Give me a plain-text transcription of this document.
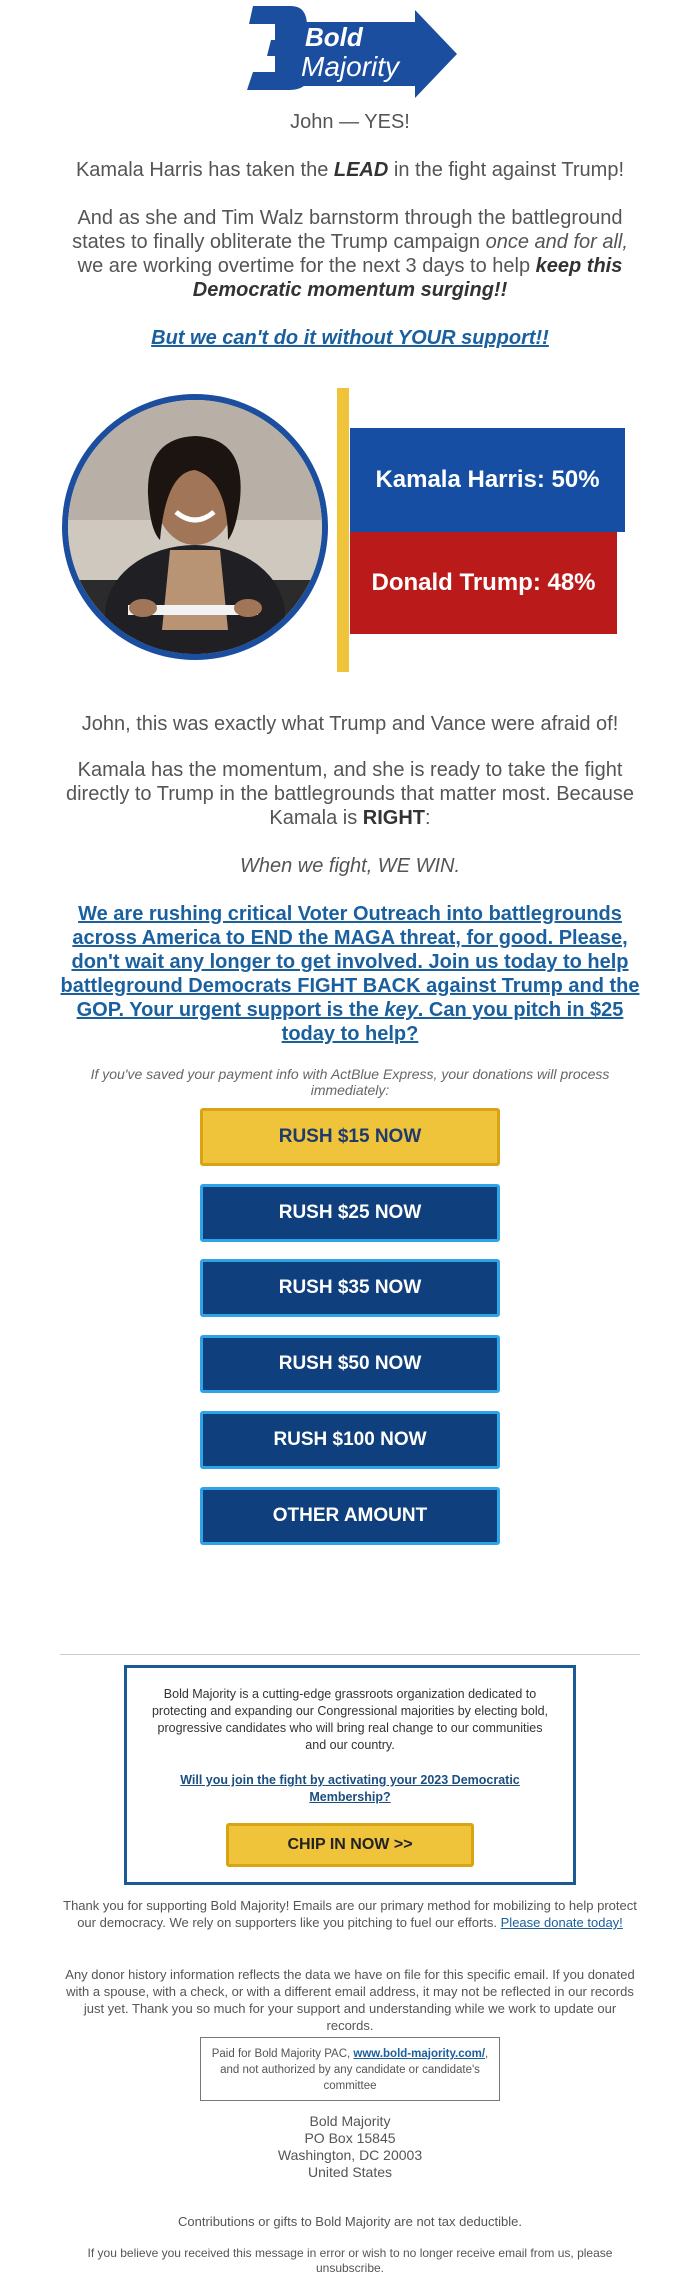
Bold
Majority
John — YES!
Kamala Harris has taken the LEAD in the fight against Trump!
And as she and Tim Walz barnstorm through the battleground states to finally obliterate the Trump campaign once and for all, we are working overtime for the next 3 days to help keep this Democratic momentum surging!!
But we can't do it without YOUR support!!
Kamala Harris: 50%
Donald Trump: 48%
John, this was exactly what Trump and Vance were afraid of!
Kamala has the momentum, and she is ready to take the fight directly to Trump in the battlegrounds that matter most. Because Kamala is RIGHT:
When we fight, WE WIN.
We are rushing critical Voter Outreach into battlegrounds across America to END the MAGA threat, for good. Please, don't wait any longer to get involved. Join us today to help battleground Democrats FIGHT BACK against Trump and the GOP. Your urgent support is the key. Can you pitch in $25 today to help?
If you've saved your payment info with ActBlue Express, your donations will process immediately:
RUSH $15 NOW
RUSH $25 NOW
RUSH $35 NOW
RUSH $50 NOW
RUSH $100 NOW
OTHER AMOUNT
Bold Majority is a cutting-edge grassroots organization dedicated to protecting and expanding our Congressional majorities by electing bold, progressive candidates who will bring real change to our communities and our country.
Will you join the fight by activating your 2023 Democratic Membership?
CHIP IN NOW >>
Thank you for supporting Bold Majority! Emails are our primary method for mobilizing to help protect our democracy. We rely on supporters like you pitching to fuel our efforts. Please donate today!
Any donor history information reflects the data we have on file for this specific email. If you donated with a spouse, with a check, or with a different email address, it may not be reflected in our records just yet. Thank you so much for your support and understanding while we work to update our records.
Paid for Bold Majority PAC, www.bold-majority.com/, and not authorized by any candidate or candidate's committee
Bold Majority
PO Box 15845
Washington, DC 20003
United States
Contributions or gifts to Bold Majority are not tax deductible.
If you believe you received this message in error or wish to no longer receive email from us, please unsubscribe.
